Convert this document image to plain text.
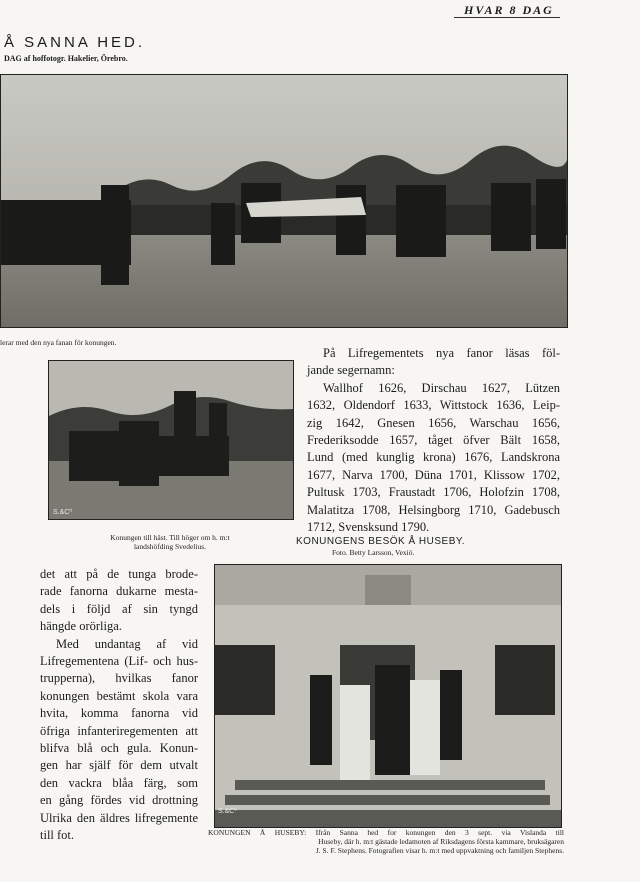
HVAR 8 DAG
Å SANNA HED.
DAG af hoffotogr. Hakelier, Örebro.
lerar med den nya fanan för konungen.
S.&Cº
Konungen till häst. Till höger om h. m:t
landshöfding Svedelius.
På Lifregementets nya fanor läsas föl-
jande segernamn:
Wallhof 1626, Dirschau 1627, Lützen
1632, Oldendorf 1633, Wittstock 1636, Leip-
zig 1642, Gnesen 1656, Warschau 1656,
Frederiksodde 1657, tåget öfver Bält 1658,
Lund (med kunglig krona) 1676, Landskrona
1677, Narva 1700, Düna 1701, Klissow 1702,
Pultusk 1703, Fraustadt 1706, Holofzin 1708,
Malatitza 1708, Helsingborg 1710, Gadebusch
1712, Svensksund 1790.
det att på de tunga brode-
rade fanorna dukarne mesta-
dels i följd af sin tyngd
hängde orörliga.
Med undantag af vid
Lifregementena (Lif- och hus-
trupperna), hvilkas fanor
konungen bestämt skola vara
hvita, komma fanorna vid
öfriga infanteriregementen att
blifva blå och gula. Konun-
gen har själf för dem utvalt
den vackra blåa färg, som
en gång fördes vid drottning
Ulrika den äldres lifregemente
till fot.
KONUNGENS BESÖK Å HUSEBY.
Foto. Betty Larsson, Vexiö.
S.&Cº
KONUNGEN Å HUSEBY: Ifrån Sanna hed for konungen den 3 sept. via Vislanda till
Huseby, där h. m:t gästade ledamoten af Riksdagens första kammare, bruksägaren
J. S. F. Stephens. Fotografien visar h. m:t med uppvaktning och familjen Stephens.
